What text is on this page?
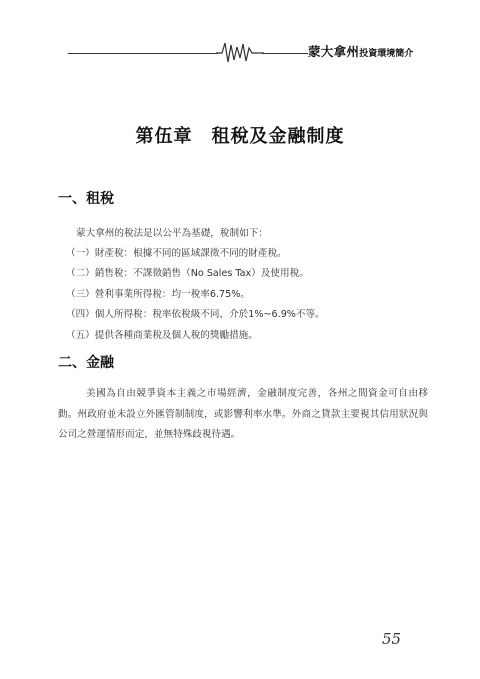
蒙大拿州投資環境簡介
第伍章　租稅及金融制度
一、租稅
蒙大拿州的稅法是以公平為基礎，稅制如下：
（一）財產稅：根據不同的區域課徵不同的財產稅。
（二）銷售稅：不課徵銷售（No Sales Tax）及使用稅。
（三）營利事業所得稅：均一稅率6.75%。
（四）個人所得稅：稅率依稅級不同，介於1%~6.9%不等。
（五）提供各種商業稅及個人稅的獎勵措施。
二、金融
美國為自由競爭資本主義之市場經濟，金融制度完善，各州之間資金可自由移動。州政府並未設立外匯管制制度，或影響利率水準。外商之貸款主要視其信用狀況與公司之營運情形而定，並無特殊歧視待遇。
55
